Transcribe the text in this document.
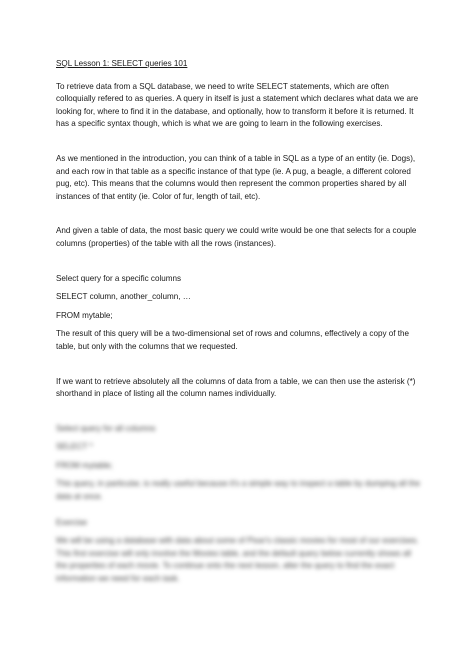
SQL Lesson 1: SELECT queries 101

To retrieve data from a SQL database, we need to write SELECT statements, which are often colloquially refered to as queries. A query in itself is just a statement which declares what data we are looking for, where to find it in the database, and optionally, how to transform it before it is returned. It has a specific syntax though, which is what we are going to learn in the following exercises.

As we mentioned in the introduction, you can think of a table in SQL as a type of an entity (ie. Dogs), and each row in that table as a specific instance of that type (ie. A pug, a beagle, a different colored pug, etc). This means that the columns would then represent the common properties shared by all instances of that entity (ie. Color of fur, length of tail, etc).

And given a table of data, the most basic query we could write would be one that selects for a couple columns (properties) of the table with all the rows (instances).

Select query for a specific columns

SELECT column, another_column, …

FROM mytable;

The result of this query will be a two-dimensional set of rows and columns, effectively a copy of the table, but only with the columns that we requested.

If we want to retrieve absolutely all the columns of data from a table, we can then use the asterisk (*) shorthand in place of listing all the column names individually.

Select query for all columns

SELECT *

FROM mytable;

This query, in particular, is really useful because it's a simple way to inspect a table by dumping all the data at once.

Exercise

We will be using a database with data about some of Pixar's classic movies for most of our exercises. This first exercise will only involve the Movies table, and the default query below currently shows all the properties of each movie. To continue onto the next lesson, alter the query to find the exact information we need for each task.
